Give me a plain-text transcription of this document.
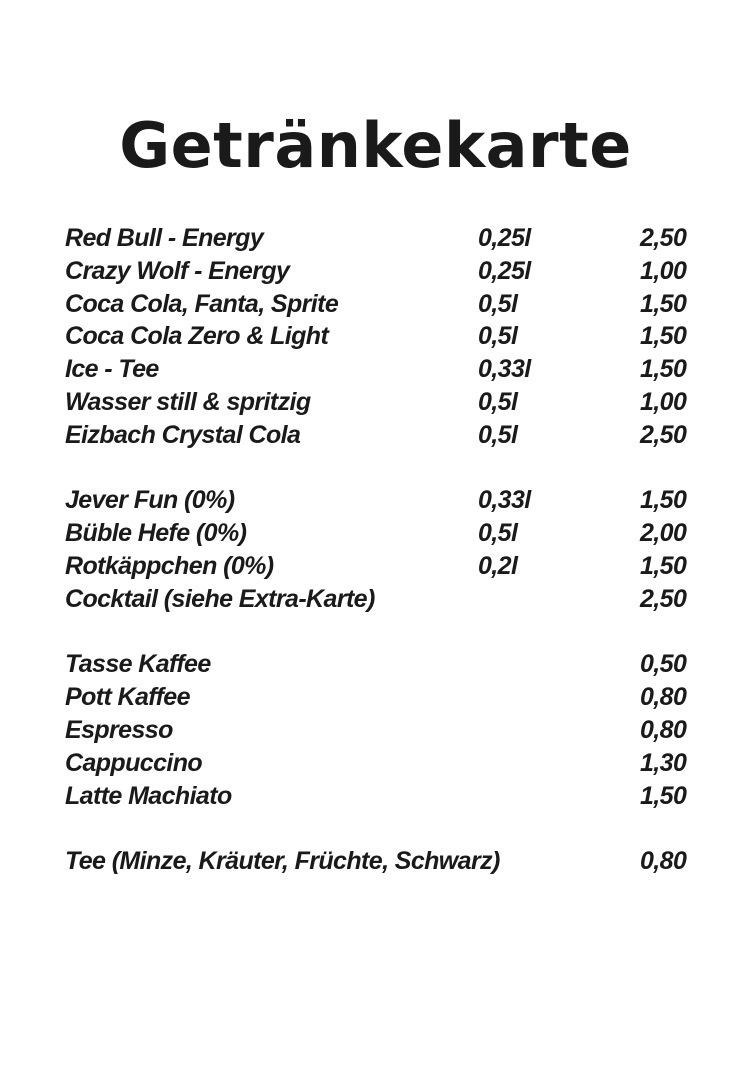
Getränkekarte
Red Bull - Energy	0,25l	2,50
Crazy Wolf - Energy	0,25l	1,00
Coca Cola, Fanta, Sprite	0,5l	1,50
Coca Cola Zero & Light	0,5l	1,50
Ice - Tee	0,33l	1,50
Wasser still & spritzig	0,5l	1,00
Eizbach Crystal Cola	0,5l	2,50
Jever Fun (0%)	0,33l	1,50
Büble Hefe (0%)	0,5l	2,00
Rotkäppchen (0%)	0,2l	1,50
Cocktail (siehe Extra-Karte)	2,50
Tasse Kaffee	0,50
Pott Kaffee	0,80
Espresso	0,80
Cappuccino	1,30
Latte Machiato	1,50
Tee (Minze, Kräuter, Früchte, Schwarz)	0,80
